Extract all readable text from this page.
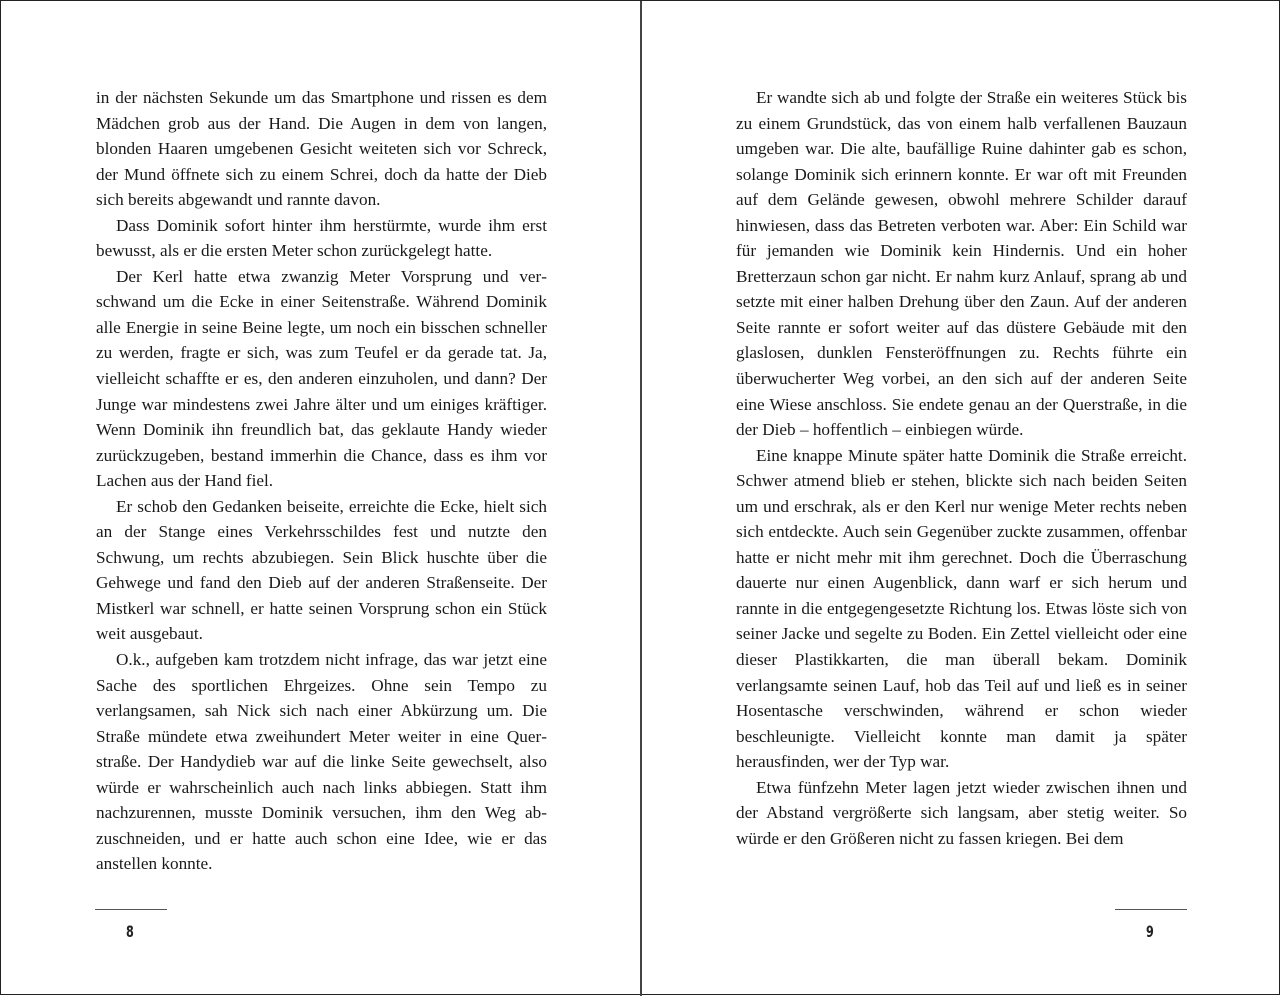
in der nächsten Sekunde um das Smartphone und rissen es dem Mädchen grob aus der Hand. Die Augen in dem von langen, blonden Haaren umgebenen Gesicht weiteten sich vor Schreck, der Mund öffnete sich zu einem Schrei, doch da hatte der Dieb sich bereits abgewandt und rannte davon.

Dass Dominik sofort hinter ihm herstürmte, wurde ihm erst bewusst, als er die ersten Meter schon zurückgelegt hatte.

Der Kerl hatte etwa zwanzig Meter Vorsprung und verschwand um die Ecke in einer Seitenstraße. Während Dominik alle Energie in seine Beine legte, um noch ein bisschen schneller zu werden, fragte er sich, was zum Teufel er da gerade tat. Ja, vielleicht schaffte er es, den anderen einzuholen, und dann? Der Junge war mindestens zwei Jahre älter und um einiges kräftiger. Wenn Dominik ihn freundlich bat, das geklaute Handy wieder zurückzugeben, bestand immerhin die Chance, dass es ihm vor Lachen aus der Hand fiel.

Er schob den Gedanken beiseite, erreichte die Ecke, hielt sich an der Stange eines Verkehrsschildes fest und nutzte den Schwung, um rechts abzubiegen. Sein Blick huschte über die Gehwege und fand den Dieb auf der anderen Straßenseite. Der Mistkerl war schnell, er hatte seinen Vorsprung schon ein Stück weit ausgebaut.

O.k., aufgeben kam trotzdem nicht infrage, das war jetzt eine Sache des sportlichen Ehrgeizes. Ohne sein Tempo zu verlangsamen, sah Nick sich nach einer Abkürzung um. Die Straße mündete etwa zweihundert Meter weiter in eine Querstraße. Der Handydieb war auf die linke Seite gewechselt, also würde er wahrscheinlich auch nach links abbiegen. Statt ihm nachzurennen, musste Dominik versuchen, ihm den Weg abzuschneiden, und er hatte auch schon eine Idee, wie er das anstellen konnte.

Er wandte sich ab und folgte der Straße ein weiteres Stück bis zu einem Grundstück, das von einem halb verfallenen Bauzaun umgeben war. Die alte, baufällige Ruine dahinter gab es schon, solange Dominik sich erinnern konnte. Er war oft mit Freunden auf dem Gelände gewesen, obwohl mehrere Schilder darauf hinwiesen, dass das Betreten verboten war. Aber: Ein Schild war für jemanden wie Dominik kein Hindernis. Und ein hoher Bretterzaun schon gar nicht. Er nahm kurz Anlauf, sprang ab und setzte mit einer halben Drehung über den Zaun. Auf der anderen Seite rannte er sofort weiter auf das düstere Gebäude mit den glaslosen, dunklen Fensteröffnungen zu. Rechts führte ein überwucherter Weg vorbei, an den sich auf der anderen Seite eine Wiese anschloss. Sie endete genau an der Querstraße, in die der Dieb – hoffentlich – einbiegen würde.

Eine knappe Minute später hatte Dominik die Straße erreicht. Schwer atmend blieb er stehen, blickte sich nach beiden Seiten um und erschrak, als er den Kerl nur wenige Meter rechts neben sich entdeckte. Auch sein Gegenüber zuckte zusammen, offenbar hatte er nicht mehr mit ihm gerechnet. Doch die Überraschung dauerte nur einen Augenblick, dann warf er sich herum und rannte in die entgegengesetzte Richtung los. Etwas löste sich von seiner Jacke und segelte zu Boden. Ein Zettel vielleicht oder eine dieser Plastikkarten, die man überall bekam. Dominik verlangsamte seinen Lauf, hob das Teil auf und ließ es in seiner Hosentasche verschwinden, während er schon wieder beschleunigte. Vielleicht konnte man damit ja später herausfinden, wer der Typ war.

Etwa fünfzehn Meter lagen jetzt wieder zwischen ihnen und der Abstand vergrößerte sich langsam, aber stetig weiter. So würde er den Größeren nicht zu fassen kriegen. Bei dem

8	9
